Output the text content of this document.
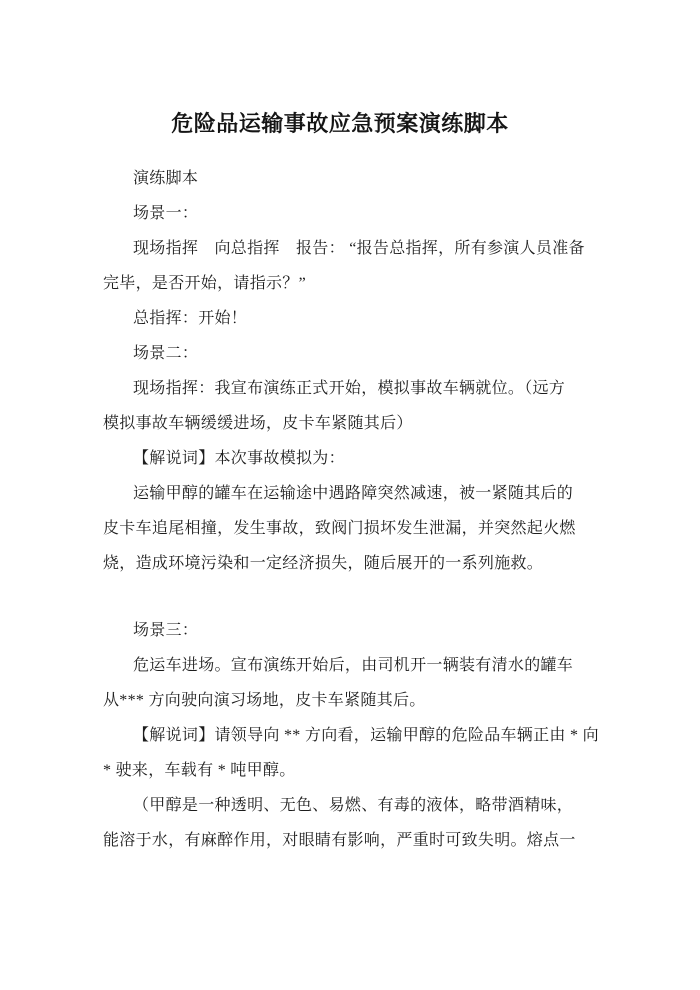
危险品运输事故应急预案演练脚本
演练脚本
场景一：
现场指挥　向总指挥　报告： “报告总指挥，所有参演人员准备
完毕，是否开始，请指示？”
总指挥：开始！
场景二：
现场指挥：我宣布演练正式开始，模拟事故车辆就位。（远方
模拟事故车辆缓缓进场，皮卡车紧随其后）
【解说词】本次事故模拟为：
运输甲醇的罐车在运输途中遇路障突然减速，被一紧随其后的
皮卡车追尾相撞，发生事故，致阀门损坏发生泄漏，并突然起火燃
烧，造成环境污染和一定经济损失，随后展开的一系列施救。
场景三：
危运车进场。宣布演练开始后，由司机开一辆装有清水的罐车
从*** 方向驶向演习场地，皮卡车紧随其后。
【解说词】请领导向 ** 方向看，运输甲醇的危险品车辆正由 * 向
* 驶来，车载有 * 吨甲醇。
（甲醇是一种透明、无色、易燃、有毒的液体，略带酒精味，
能溶于水，有麻醉作用，对眼睛有影响，严重时可致失明。熔点一
